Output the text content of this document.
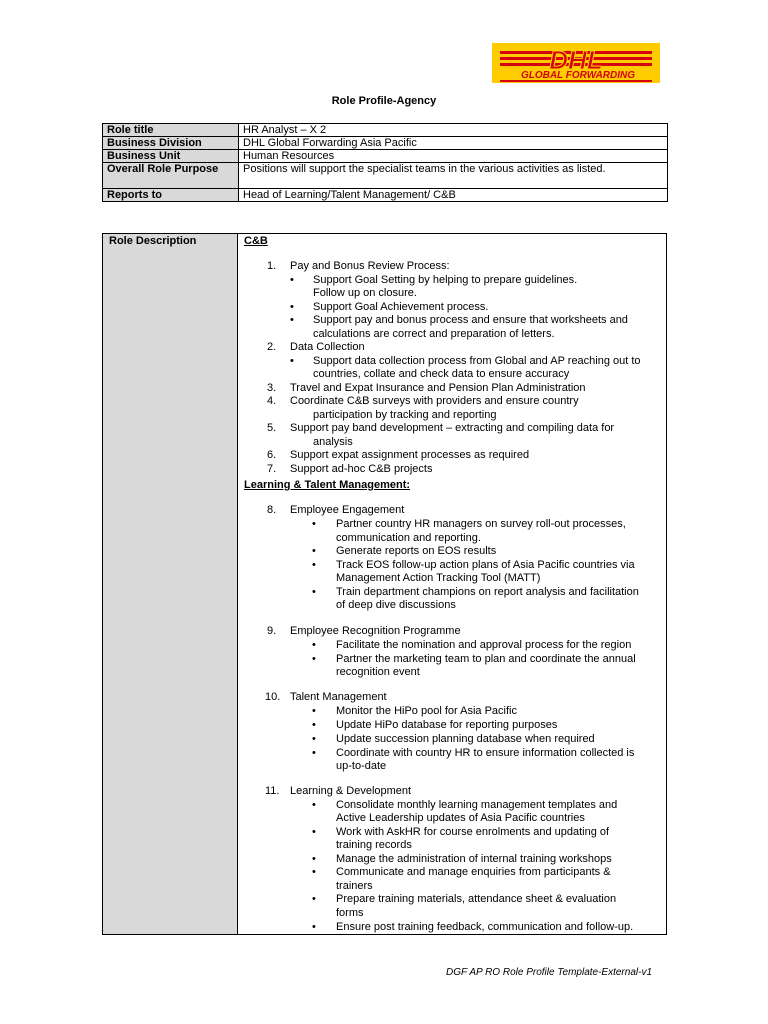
DHL
GLOBAL FORWARDING
Role Profile-Agency
Role title	HR Analyst – X 2
Business Division	DHL Global Forwarding Asia Pacific
Business Unit	Human Resources
Overall Role Purpose	Positions will support the specialist teams in the various activities as listed.
Reports to	Head of Learning/Talent Management/ C&B
Role Description	C&B
Learning & Talent Management:
1. Pay and Bonus Review Process:
• Support Goal Setting by helping to prepare guidelines.
Follow up on closure.
• Support Goal Achievement process.
• Support pay and bonus process and ensure that worksheets and
calculations are correct and preparation of letters.
2. Data Collection
• Support data collection process from Global and AP reaching out to
countries, collate and check data to ensure accuracy
3. Travel and Expat Insurance and Pension Plan Administration
4. Coordinate C&B surveys with providers and ensure country
participation by tracking and reporting
5. Support pay band development – extracting and compiling data for
analysis
6. Support expat assignment processes as required
7. Support ad-hoc C&B projects
8. Employee Engagement
• Partner country HR managers on survey roll-out processes,
communication and reporting.
• Generate reports on EOS results
• Track EOS follow-up action plans of Asia Pacific countries via
Management Action Tracking Tool (MATT)
• Train department champions on report analysis and facilitation
of deep dive discussions
9. Employee Recognition Programme
• Facilitate the nomination and approval process for the region
• Partner the marketing team to plan and coordinate the annual
recognition event
10. Talent Management
• Monitor the HiPo pool for Asia Pacific
• Update HiPo database for reporting purposes
• Update succession planning database when required
• Coordinate with country HR to ensure information collected is
up-to-date
11. Learning & Development
• Consolidate monthly learning management templates and
Active Leadership updates of Asia Pacific countries
• Work with AskHR for course enrolments and updating of
training records
• Manage the administration of internal training workshops
• Communicate and manage enquiries from participants &
trainers
• Prepare training materials, attendance sheet & evaluation
forms
• Ensure post training feedback, communication and follow-up.
DGF AP RO Role Profile Template-External-v1
